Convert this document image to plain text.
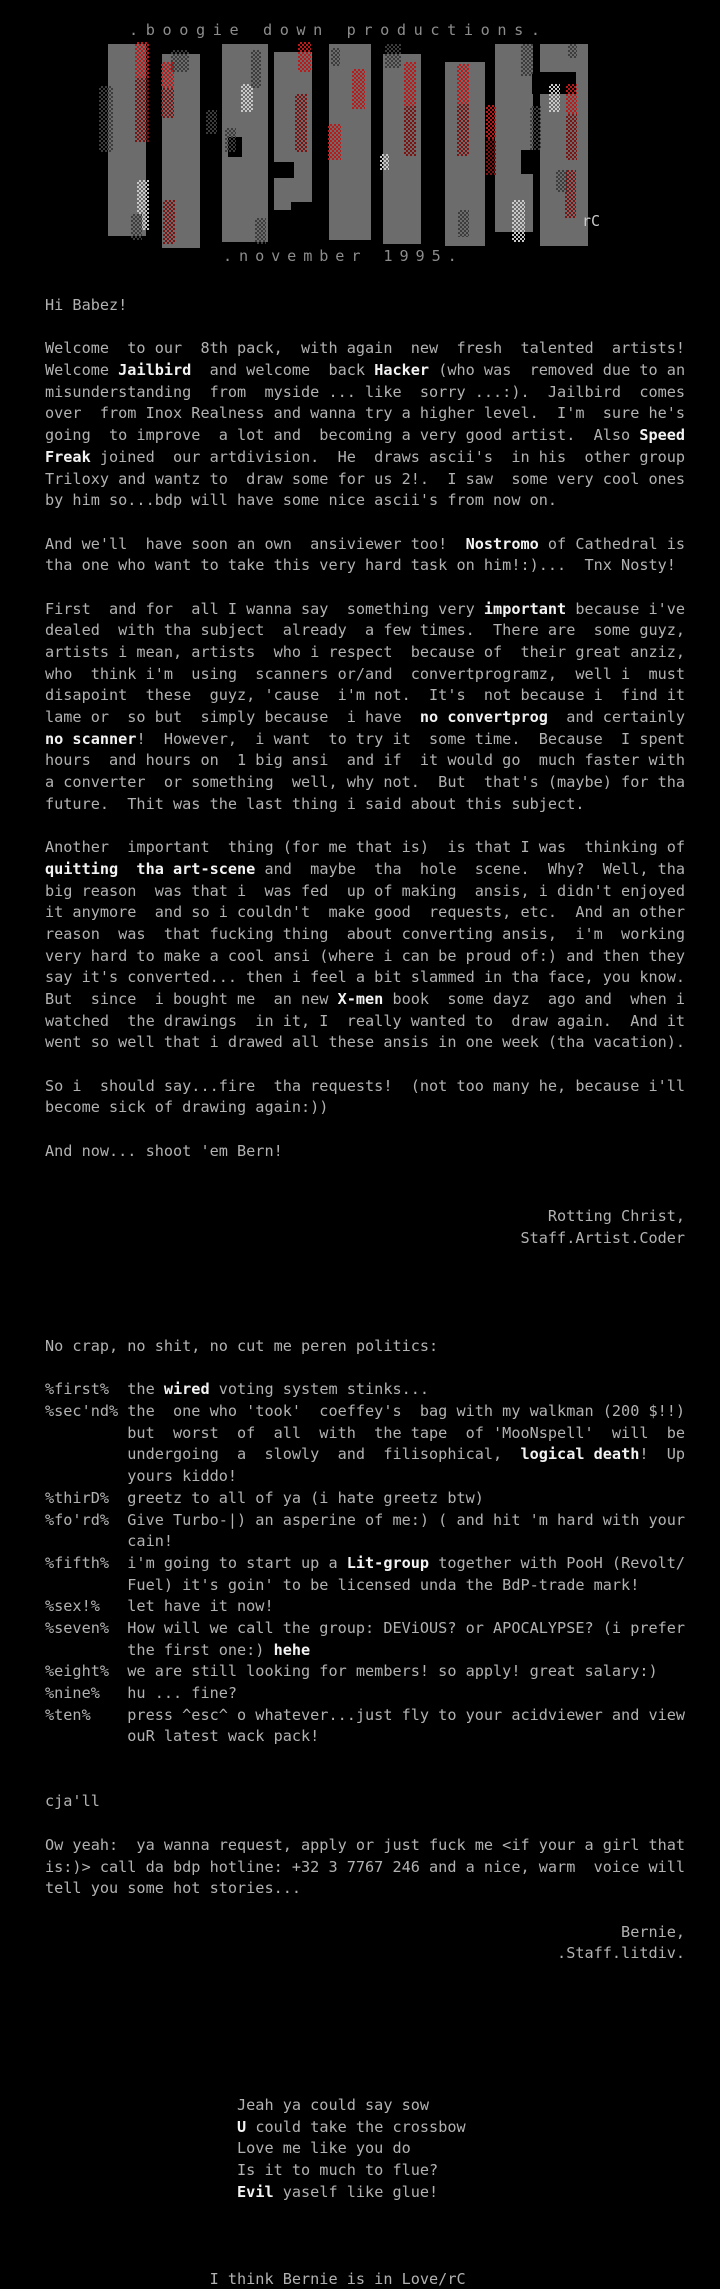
.boogie down productions.
rC
.november 1995.
Hi Babez!
Welcome  to our  8th pack,  with again  new  fresh  talented  artists!
Welcome Jailbird  and welcome  back Hacker (who was  removed due to an
misunderstanding  from  myside ... like  sorry ...:).  Jailbird  comes
over  from Inox Realness and wanna try a higher level.  I'm  sure he's
going  to improve  a lot and  becoming a very good artist.  Also Speed
Freak joined  our artdivision.  He  draws ascii's  in his  other group
Triloxy and wantz to  draw some for us 2!.  I saw  some very cool ones
by him so...bdp will have some nice ascii's from now on.
And we'll  have soon an own  ansiviewer too!  Nostromo of Cathedral is
tha one who want to take this very hard task on him!:)...  Tnx Nosty!
First  and for  all I wanna say  something very important because i've
dealed  with tha subject  already  a few times.  There are  some guyz,
artists i mean, artists  who i respect  because of  their great anziz,
who  think i'm  using  scanners or/and  convertprogramz,  well i  must
disapoint  these  guyz, 'cause  i'm not.  It's  not because i  find it
lame or  so but  simply because  i have  no convertprog  and certainly
no scanner!  However,  i want  to try it  some time.  Because  I spent
hours  and hours on  1 big ansi  and if  it would go  much faster with
a converter  or something  well, why not.  But  that's (maybe) for tha
future.  Thit was the last thing i said about this subject.
Another  important  thing (for me that is)  is that I was  thinking of
quitting  tha art-scene and  maybe  tha  hole  scene.  Why?  Well, tha
big reason  was that i  was fed  up of making  ansis, i didn't enjoyed
it anymore  and so i couldn't  make good  requests, etc.  And an other
reason  was  that fucking thing  about converting ansis,  i'm  working
very hard to make a cool ansi (where i can be proud of:) and then they
say it's converted... then i feel a bit slammed in tha face, you know.
But  since  i bought me  an new X-men book  some dayz  ago and  when i
watched  the drawings  in it, I  really wanted to  draw again.  And it
went so well that i drawed all these ansis in one week (tha vacation).
So i  should say...fire  tha requests!  (not too many he, because i'll
become sick of drawing again:))
And now... shoot 'em Bern!
Rotting Christ,
Staff.Artist.Coder
No crap, no shit, no cut me peren politics:
%first%  the wired voting system stinks...
%sec'nd% the  one who 'took'  coeffey's  bag with my walkman (200 $!!)
but  worst  of  all  with  the tape  of 'MooNspell'  will  be
undergoing  a  slowly  and  filisophical,  logical death!  Up
yours kiddo!
%thirD%  greetz to all of ya (i hate greetz btw)
%fo'rd%  Give Turbo-|) an asperine of me:) ( and hit 'm hard with your
cain!
%fifth%  i'm going to start up a Lit-group together with PooH (Revolt/
Fuel) it's goin' to be licensed unda the BdP-trade mark!
%sex!%   let have it now!
%seven%  How will we call the group: DEViOUS? or APOCALYPSE? (i prefer
the first one:) hehe
%eight%  we are still looking for members! so apply! great salary:)
%nine%   hu ... fine?
%ten%    press ^esc^ o whatever...just fly to your acidviewer and view
ouR latest wack pack!
cja'll
Ow yeah:  ya wanna request, apply or just fuck me <if your a girl that
is:)> call da bdp hotline: +32 3 7767 246 and a nice, warm  voice will
tell you some hot stories...
Bernie,
.Staff.litdiv.
Jeah ya could say sow
U could take the crossbow
Love me like you do
Is it to much to flue?
Evil yaself like glue!
I think Bernie is in Love/rC
